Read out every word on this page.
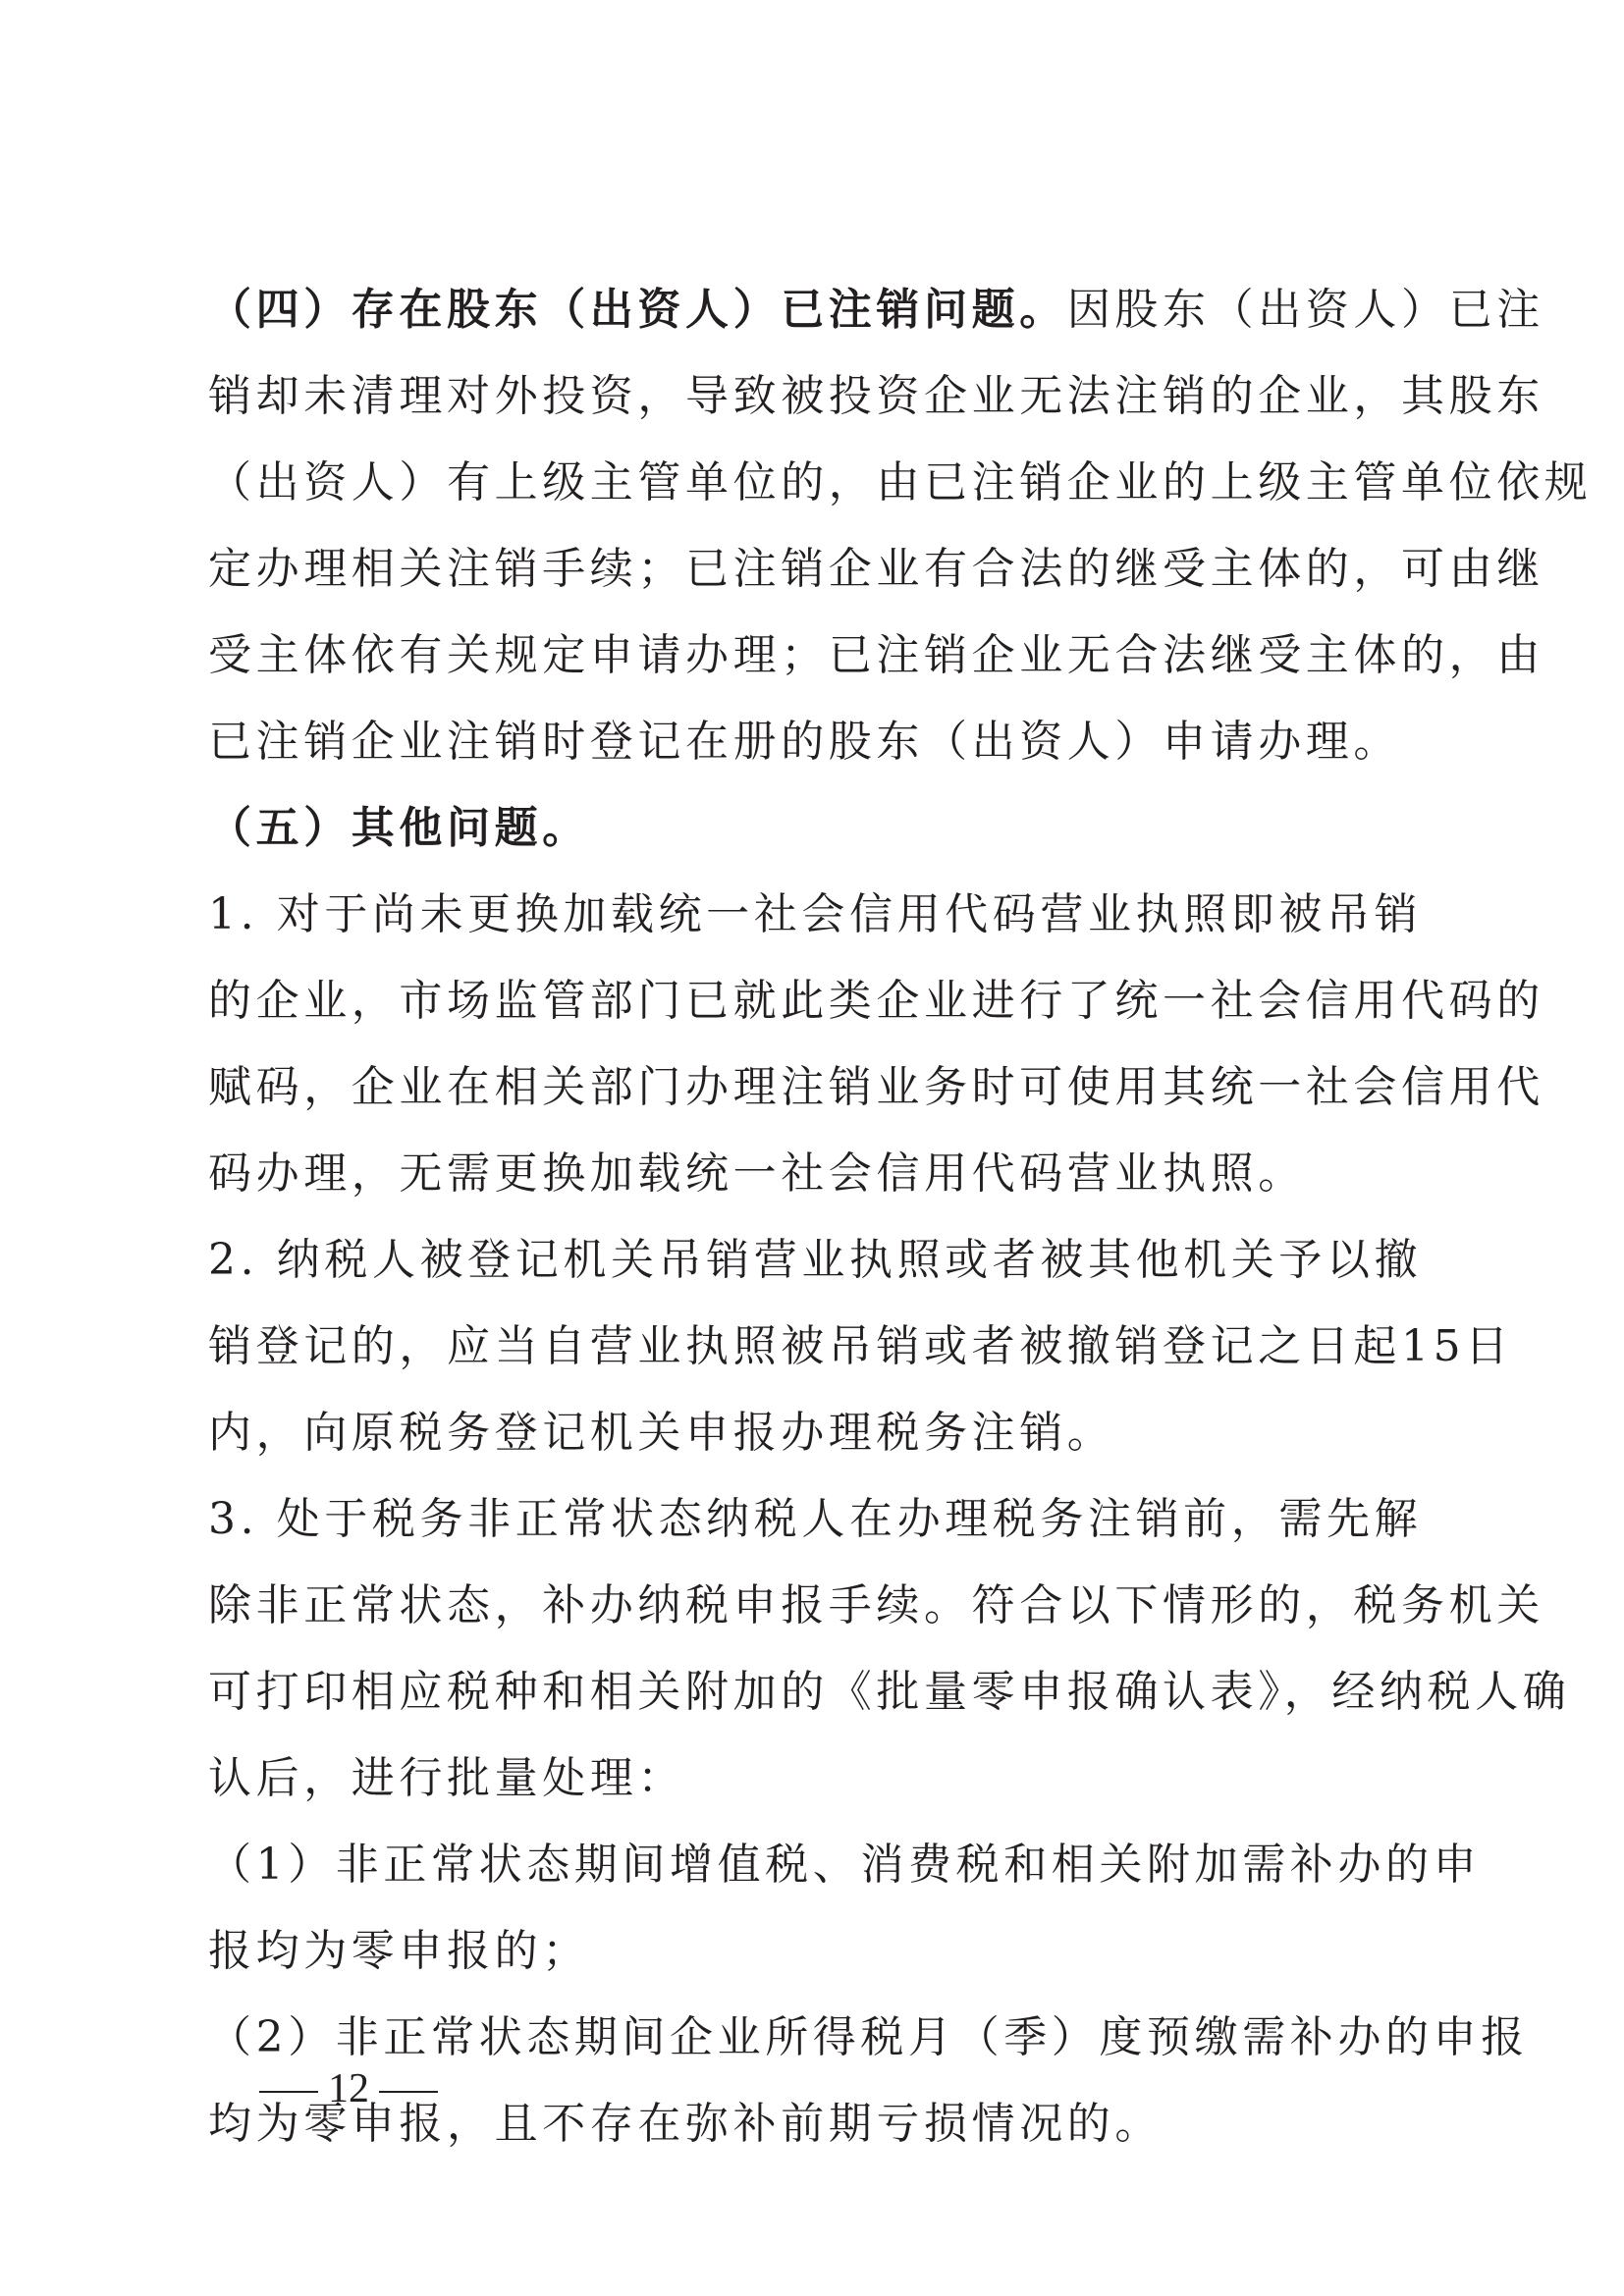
（四）存在股东（出资人）已注销问题。因股东（出资人）已注
销却未清理对外投资，导致被投资企业无法注销的企业，其股东
（出资人）有上级主管单位的，由已注销企业的上级主管单位依规
定办理相关注销手续；已注销企业有合法的继受主体的，可由继
受主体依有关规定申请办理；已注销企业无合法继受主体的，由
已注销企业注销时登记在册的股东（出资人）申请办理。

（五）其他问题。

1. 对于尚未更换加载统一社会信用代码营业执照即被吊销
的企业，市场监管部门已就此类企业进行了统一社会信用代码的
赋码，企业在相关部门办理注销业务时可使用其统一社会信用代
码办理，无需更换加载统一社会信用代码营业执照。

2. 纳税人被登记机关吊销营业执照或者被其他机关予以撤
销登记的，应当自营业执照被吊销或者被撤销登记之日起15日
内，向原税务登记机关申报办理税务注销。

3. 处于税务非正常状态纳税人在办理税务注销前，需先解
除非正常状态，补办纳税申报手续。符合以下情形的，税务机关
可打印相应税种和相关附加的《批量零申报确认表》，经纳税人确
认后，进行批量处理：

（1）非正常状态期间增值税、消费税和相关附加需补办的申
报均为零申报的；

（2）非正常状态期间企业所得税月（季）度预缴需补办的申报
均为零申报，且不存在弥补前期亏损情况的。

12
